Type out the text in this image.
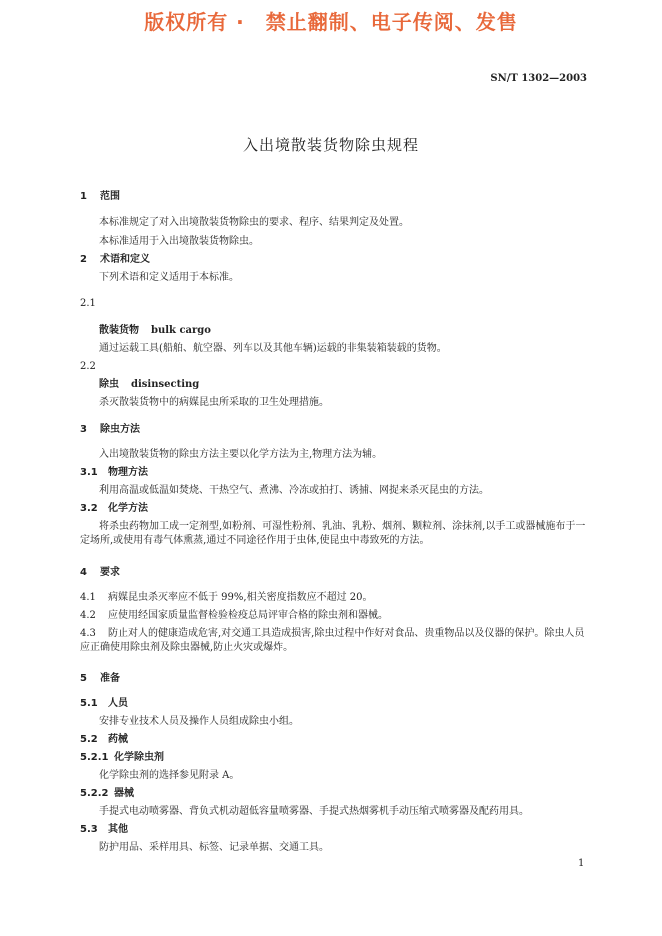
版权所有 ·　禁止翻制、电子传阅、发售
SN/T 1302—2003
入出境散装货物除虫规程
1 范围
本标准规定了对入出境散装货物除虫的要求、程序、结果判定及处置。
本标准适用于入出境散装货物除虫。
2 术语和定义
下列术语和定义适用于本标准。
2.1
散装货物 bulk cargo
通过运载工具(船舶、航空器、列车以及其他车辆)运载的非集装箱装载的货物。
2.2
除虫 disinsecting
杀灭散装货物中的病媒昆虫所采取的卫生处理措施。
3 除虫方法
入出境散装货物的除虫方法主要以化学方法为主,物理方法为辅。
3.1 物理方法
利用高温或低温如焚烧、干热空气、煮沸、冷冻或拍打、诱捕、网捉来杀灭昆虫的方法。
3.2 化学方法
将杀虫药物加工成一定剂型,如粉剂、可湿性粉剂、乳油、乳粉、烟剂、颗粒剂、涂抹剂,以手工或器械施布于一定场所,或使用有毒气体熏蒸,通过不同途径作用于虫体,使昆虫中毒致死的方法。
4 要求
4.1 病媒昆虫杀灭率应不低于 99%,相关密度指数应不超过 20。
4.2 应使用经国家质量监督检验检疫总局评审合格的除虫剂和器械。
4.3 防止对人的健康造成危害,对交通工具造成损害,除虫过程中作好对食品、贵重物品以及仪器的保护。除虫人员应正确使用除虫剂及除虫器械,防止火灾或爆炸。
5 准备
5.1 人员
安排专业技术人员及操作人员组成除虫小组。
5.2 药械
5.2.1 化学除虫剂
化学除虫剂的选择参见附录 A。
5.2.2 器械
手提式电动喷雾器、背负式机动超低容量喷雾器、手提式热烟雾机手动压缩式喷雾器及配药用具。
5.3 其他
防护用品、采样用具、标签、记录单据、交通工具。
1
